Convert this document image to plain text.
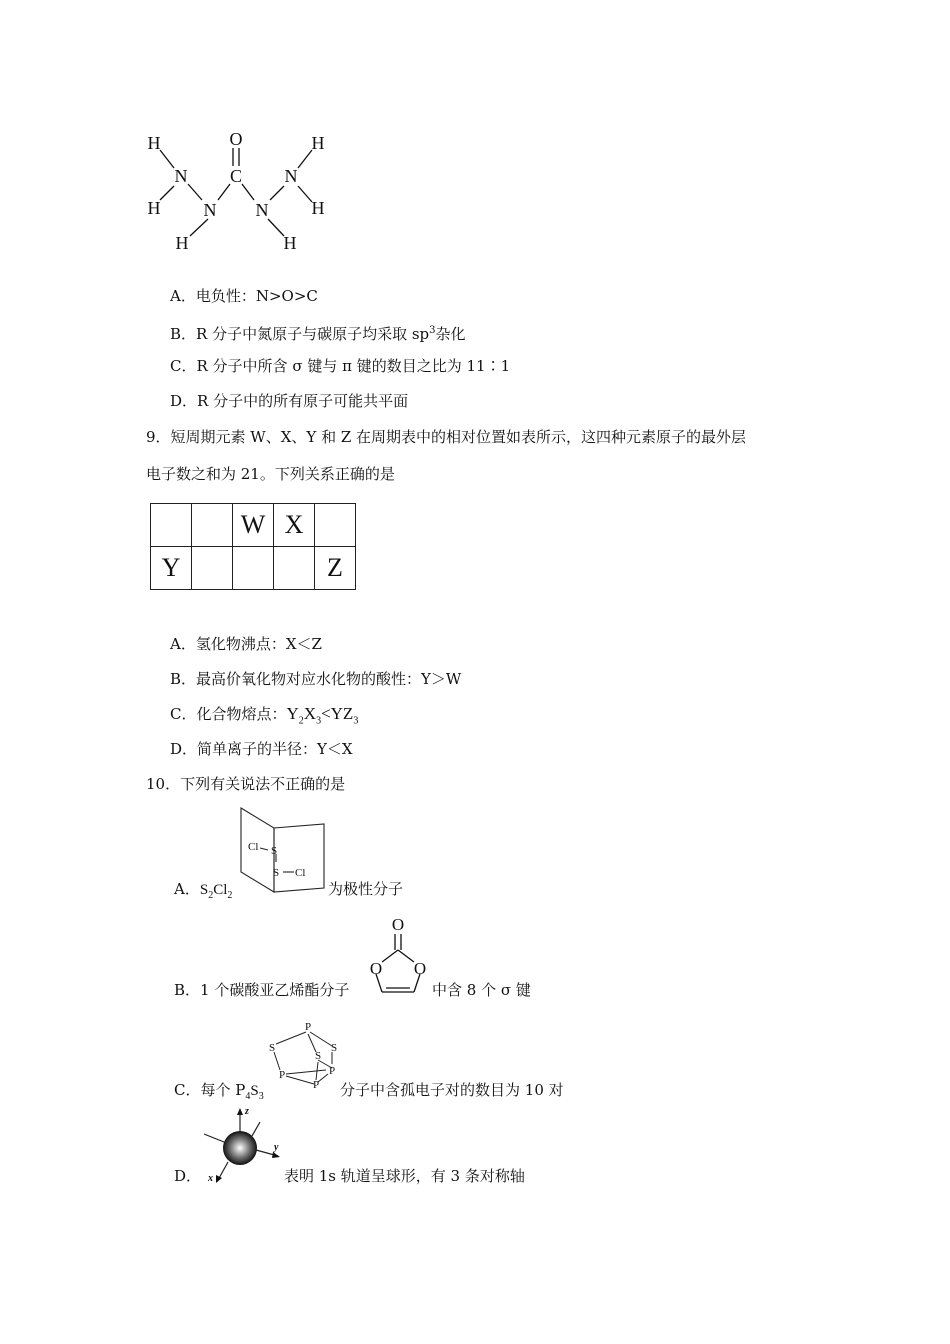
H
N
H
H
N
C
O
N
H
N
H
H
A．电负性：N>O>C
B．R 分子中氮原子与碳原子均采取 $sp^3$杂化
C．R 分子中所含 σ 键与 π 键的数目之比为 11∶1
D．R 分子中的所有原子可能共平面
9．短周期元素 W、X、Y 和 Z 在周期表中的相对位置如表所示，这四种元素原子的最外层
电子数之和为 21。下列关系正确的是
		W	X	
Y				Z
A．氢化物沸点：X＜Z
B．最高价氧化物对应水化物的酸性：Y＞W
C．化合物熔点：$Y_2X_3<YZ_3$
D．简单离子的半径：Y＜X
10．下列有关说法不正确的是
A．$S_2Cl_2$
Cl S
S Cl
为极性分子
B．1 个碳酸亚乙烯酯分子
O
O O
中含 8 个 σ 键
C．每个 $P_4S_3$
P
S
S
S
P	P
P 分子中含孤电子对的数目为 10 对
D．
z
x
y
表明 1s 轨道呈球形，有 3 条对称轴
